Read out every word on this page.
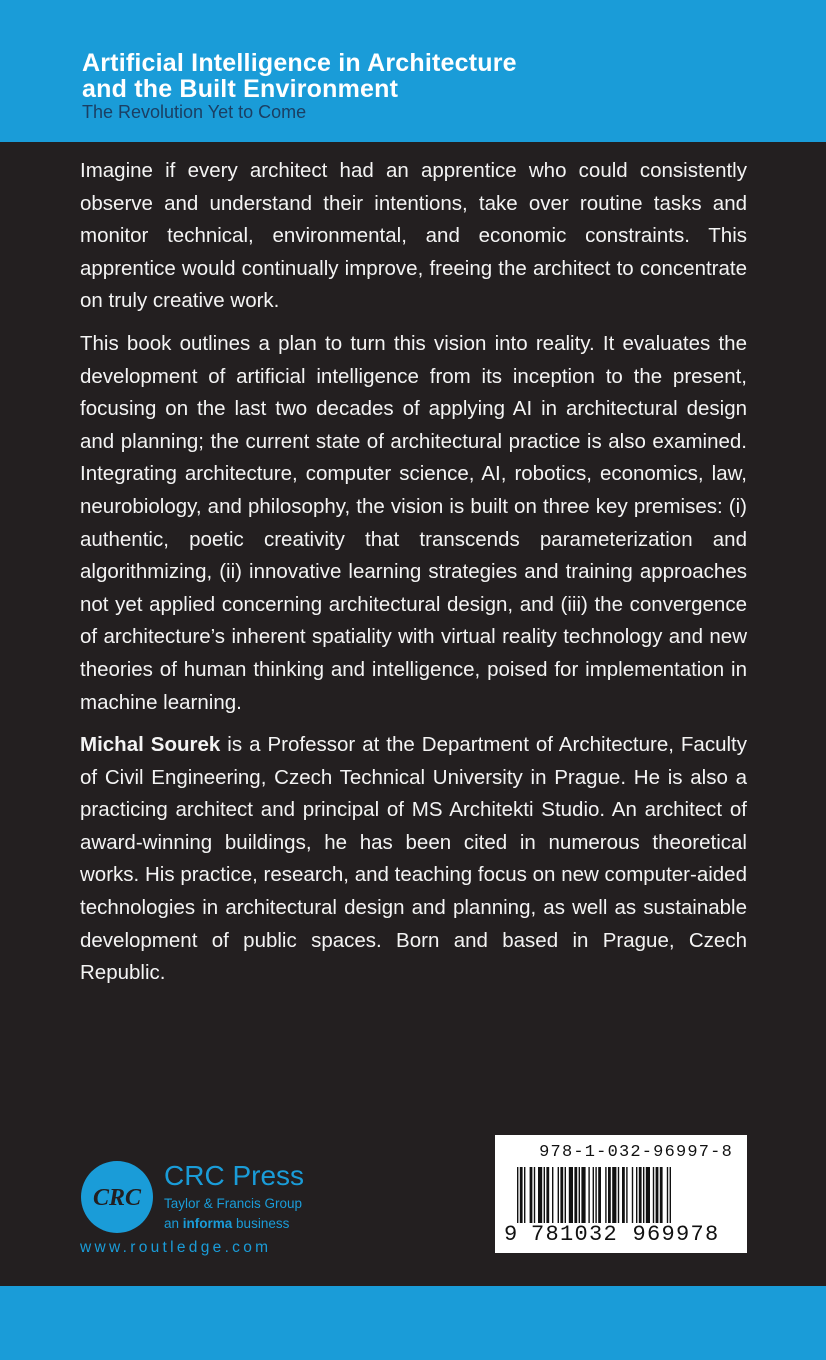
Artificial Intelligence in Architecture
and the Built Environment
The Revolution Yet to Come

Imagine if every architect had an apprentice who could consistently observe and understand their intentions, take over routine tasks and monitor technical, environmental, and economic constraints. This apprentice would continually improve, freeing the architect to concentrate on truly creative work.

This book outlines a plan to turn this vision into reality. It evaluates the development of artificial intelligence from its inception to the present, focusing on the last two decades of applying AI in architectural design and planning; the current state of architectural practice is also examined. Integrating architecture, computer science, AI, robotics, economics, law, neurobiology, and philosophy, the vision is built on three key premises: (i) authentic, poetic creativity that transcends parameterization and algorithmizing, (ii) innovative learning strategies and training approaches not yet applied concerning architectural design, and (iii) the convergence of architecture’s inherent spatiality with virtual reality technology and new theories of human thinking and intelligence, poised for implementation in machine learning.

Michal Sourek is a Professor at the Department of Architecture, Faculty of Civil Engineering, Czech Technical University in Prague. He is also a practicing architect and principal of MS Architekti Studio. An architect of award-winning buildings, he has been cited in numerous theoretical works. His practice, research, and teaching focus on new computer-aided technologies in architectural design and planning, as well as sustainable development of public spaces. Born and based in Prague, Czech Republic.

CRC
CRC Press
Taylor & Francis Group
an informa business
www.routledge.com
978-1-032-96997-8
9 781032 969978
